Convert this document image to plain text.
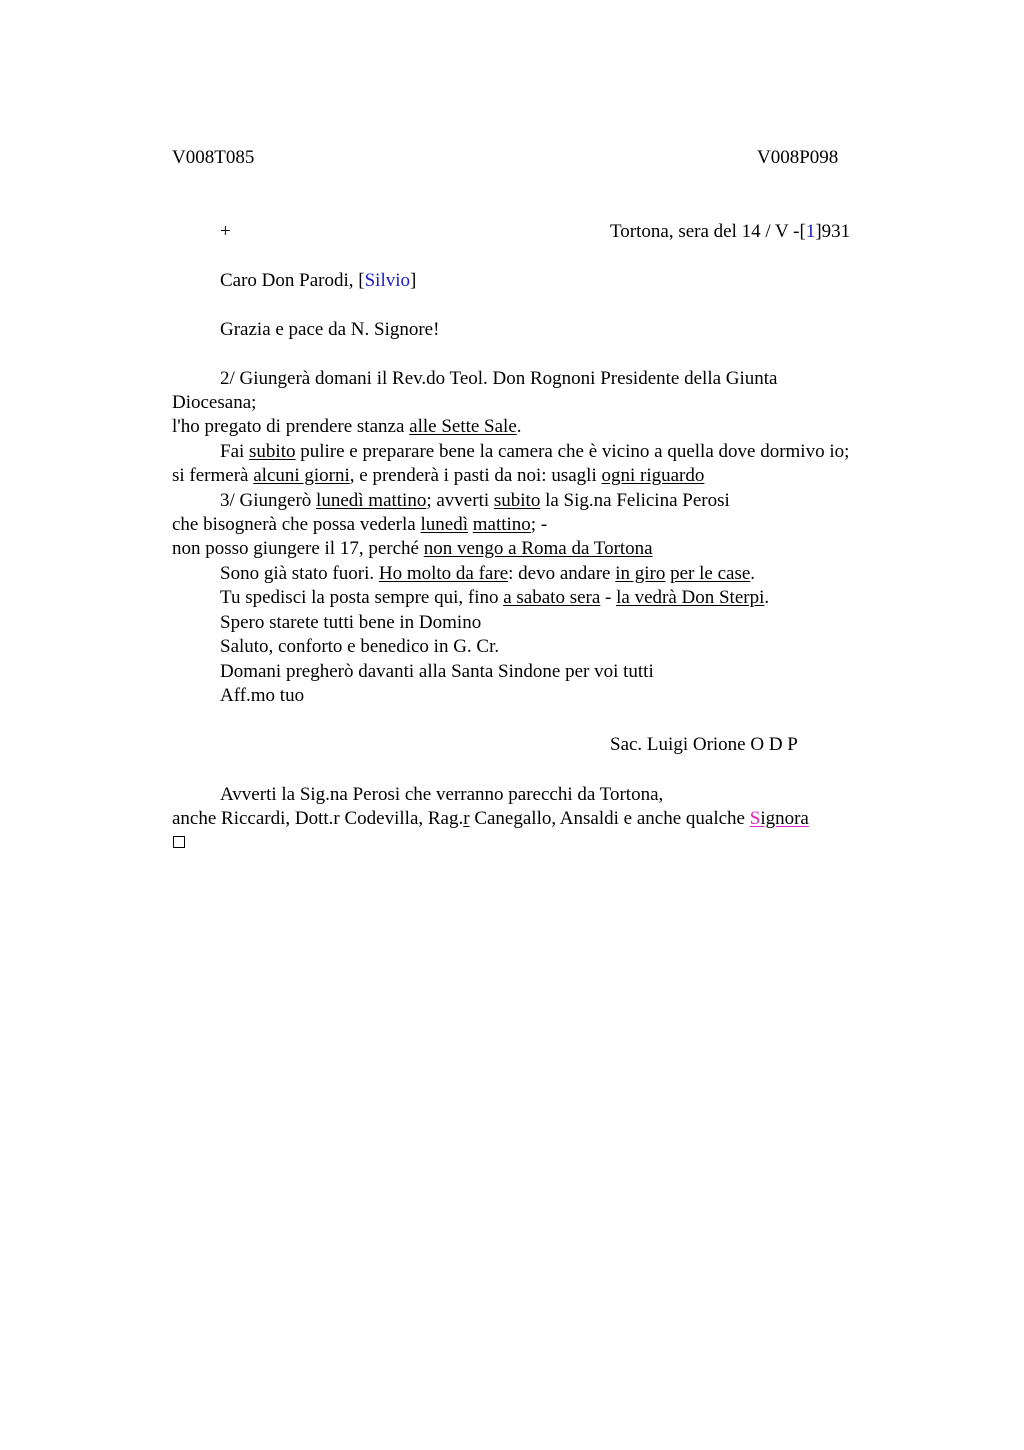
V008T085	V008P098
+	Tortona, sera del 14 / V -[1]931
Caro Don Parodi, [Silvio]
Grazia e pace da N. Signore!
2/ Giungerà domani il Rev.do Teol. Don Rognoni Presidente della Giunta
Diocesana;
l'ho pregato di prendere stanza alle Sette Sale.
Fai subito pulire e preparare bene la camera che è vicino a quella dove dormivo io;
si fermerà alcuni giorni, e prenderà i pasti da noi: usagli ogni riguardo
3/ Giungerò lunedì mattino; avverti subito la Sig.na Felicina Perosi
che bisognerà che possa vederla lunedì mattino; -
non posso giungere il 17, perché non vengo a Roma da Tortona
Sono già stato fuori. Ho molto da fare: devo andare in giro per le case.
Tu spedisci la posta sempre qui, fino a sabato sera - la vedrà Don Sterpi.
Spero starete tutti bene in Domino
Saluto, conforto e benedico in G. Cr.
Domani pregherò davanti alla Santa Sindone per voi tutti
Aff.mo tuo
Sac. Luigi Orione O D P
Avverti la Sig.na Perosi che verranno parecchi da Tortona,
anche Riccardi, Dott.r Codevilla, Rag.r Canegallo, Ansaldi e anche qualche Signora
